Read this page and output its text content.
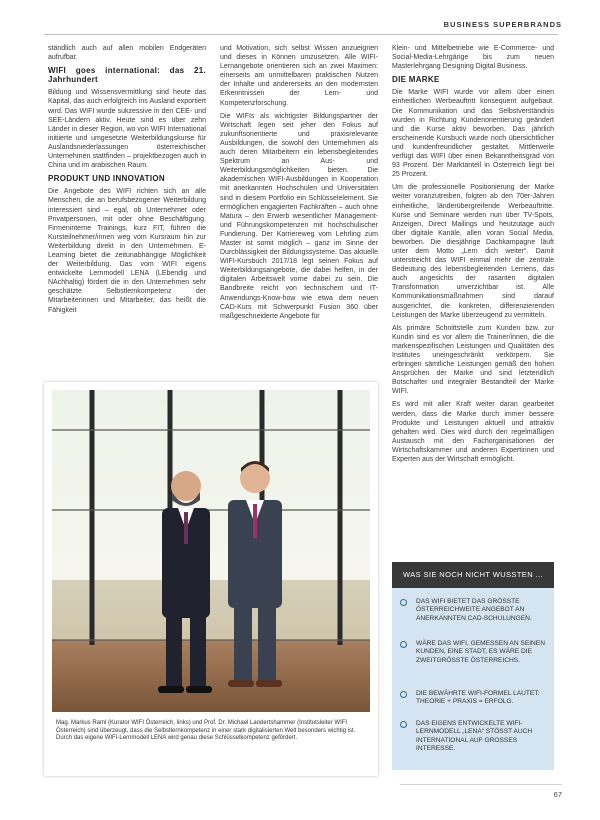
BUSINESS SUPERBRANDS

ständlich auch auf allen mobilen Endgeräten aufrufbar.

WIFI goes international: das 21. Jahrhundert

Bildung und Wissensvermittlung sind heute das Kapital, das auch erfolgreich ins Ausland exportiert wird. Das WIFI wurde sukzessive in den CEE- und SEE-Ländern aktiv. Heute sind es über zehn Länder in dieser Region, wo von WIFI International initiierte und umgesetzte Weiterbildungskurse für Auslandsniederlassungen österreichischer Unternehmen stattfinden – projektbezogen auch in China und im arabischen Raum.

PRODUKT UND INNOVATION

Die Angebote des WIFI richten sich an alle Menschen, die an berufsbezogener Weiterbildung interessiert sind – egal, ob Unternehmer oder Privatpersonen, mit oder ohne Beschäftigung. Firmeninterne Trainings, kurz FIT, führen die Kursteilnehmer/innen weg vom Kursraum hin zur Weiterbildung direkt in den Unternehmen. E-Learning bietet die zeitunabhängige Möglichkeit der Weiterbildung. Das vom WIFI eigens entwickelte Lernmodell LENA (LEbendig und NAchhaltig) fördert die in den Unternehmen sehr geschätzte Selbstlernkompetenz der Mitarbeiterinnen und Mitarbeiter, das heißt die Fähigkeit

und Motivation, sich selbst Wissen anzueignen und dieses in Können umzusetzen. Alle WIFI-Lernangebote orientieren sich an zwei Maximen: einerseits am unmittelbaren praktischen Nutzen der Inhalte und andererseits an den modernsten Erkenntnissen der Lern- und Kompetenzforschung.

Die WIFIs als wichtigster Bildungspartner der Wirtschaft legen seit jeher den Fokus auf zukunftsorientierte und praxisrelevante Ausbildungen, die sowohl den Unternehmen als auch deren Mitarbeitern ein lebensbegleitendes Spektrum an Aus- und Weiterbildungsmöglichkeiten bieten. Die akademischen WIFI-Ausbildungen in Kooperation mit anerkannten Hochschulen und Universitäten sind in diesem Portfolio ein Schlüsselelement. Sie ermöglichen engagierten Fachkräften – auch ohne Matura – den Erwerb wesentlicher Management- und Führungskompetenzen mit hochschulischer Fundierung. Der Karriereweg vom Lehrling zum Master ist somit möglich – ganz im Sinne der Durchlässigkeit der Bildungssysteme. Das aktuelle WIFI-Kursbuch 2017/18 legt seinen Fokus auf Weiterbildungsangebote, die dabei helfen, in der digitalen Arbeitswelt vorne dabei zu sein. Die Bandbreite reicht von technischem und IT-Anwendungs-Know-how wie etwa dem neuen CAD-Kurs mit Schwerpunkt Fusion 360 über maßgeschneiderte Angebote für

Klein- und Mittelbetriebe wie E-Commerce- und Social-Media-Lehrgänge bis zum neuen Masterlehrgang Designing Digital Business.

DIE MARKE

Die Marke WIFI wurde vor allem über einen einheitlichen Werbeauftritt konsequent aufgebaut. Die Kommunikation und das Selbstverständnis wurden in Richtung Kundenorientierung geändert und die Kurse aktiv beworben. Das jährlich erscheinende Kursbuch wurde noch übersichtlicher und kundenfreundlicher gestaltet. Mittlerweile verfügt das WIFI über einen Bekanntheitsgrad von 93 Prozent. Der Marktanteil in Österreich liegt bei 25 Prozent.

Um die professionelle Positionierung der Marke weiter voranzutreiben, folgten ab den 70er-Jahren einheitliche, länderübergreifende Werbeauftritte. Kurse und Seminare werden nun über TV-Spots, Anzeigen, Direct Mailings und heutzutage auch über digitale Kanäle, allen voran Social Media, beworben. Die diesjährige Dachkampagne läuft unter dem Motto „Lern dich weiter“. Damit unterstreicht das WIFI einmal mehr die zentrale Bedeutung des lebensbegleitenden Lernens, das auch angesichts der rasanten digitalen Transformation unverzichtbar ist. Alle Kommunikationsmaßnahmen sind darauf ausgerichtet, die konkreten, differenzierenden Leistungen der Marke überzeugend zu vermitteln.

Als primäre Schnittstelle zum Kunden bzw. zur Kundin sind es vor allem die Trainer/innen, die die markenspezifischen Leistungen und Qualitäten des Institutes uneingeschränkt verkörpern. Sie erbringen sämtliche Leistungen gemäß den hohen Ansprüchen der Marke und sind letztendlich Botschafter und integraler Bestandteil der Marke WIFI.

Es wird mit aller Kraft weiter daran gearbeitet werden, dass die Marke durch immer bessere Produkte und Leistungen aktuell und attraktiv gehalten wird. Dies wird durch den regelmäßigen Austausch mit den Fachorganisationen der Wirtschaftskammer und anderen Expertinnen und Experten aus der Wirtschaft ermöglicht.

Mag. Markus Raml (Kurator WIFI Österreich, links) und Prof. Dr. Michael Landertshammer (Institutsleiter WIFI Österreich) sind überzeugt, dass die Selbstlernkompetenz in einer stark digitalisierten Welt besonders wichtig ist. Durch das eigene WIFI-Lernmodell LENA wird genau diese Schlüsselkompetenz gefördert.
WAS SIE NOCH NICHT WUSSTEN ...
DAS WIFI BIETET DAS GRÖSSTE ÖSTERREICHWEITE ANGEBOT AN ANERKANNTEN CAD-SCHULUNGEN.
WÄRE DAS WIFI, GEMESSEN AN SEINEN KUNDEN, EINE STADT, ES WÄRE DIE ZWEITGRÖSSTE ÖSTERREICHS.
DIE BEWÄHRTE WIFI-FORMEL LAUTET: THEORIE + PRAXIS = ERFOLG.
DAS EIGENS ENTWICKELTE WIFI-LERNMODELL „LENA“ STÖSST AUCH INTERNATIONAL AUF GROSSES INTERESSE.
67
